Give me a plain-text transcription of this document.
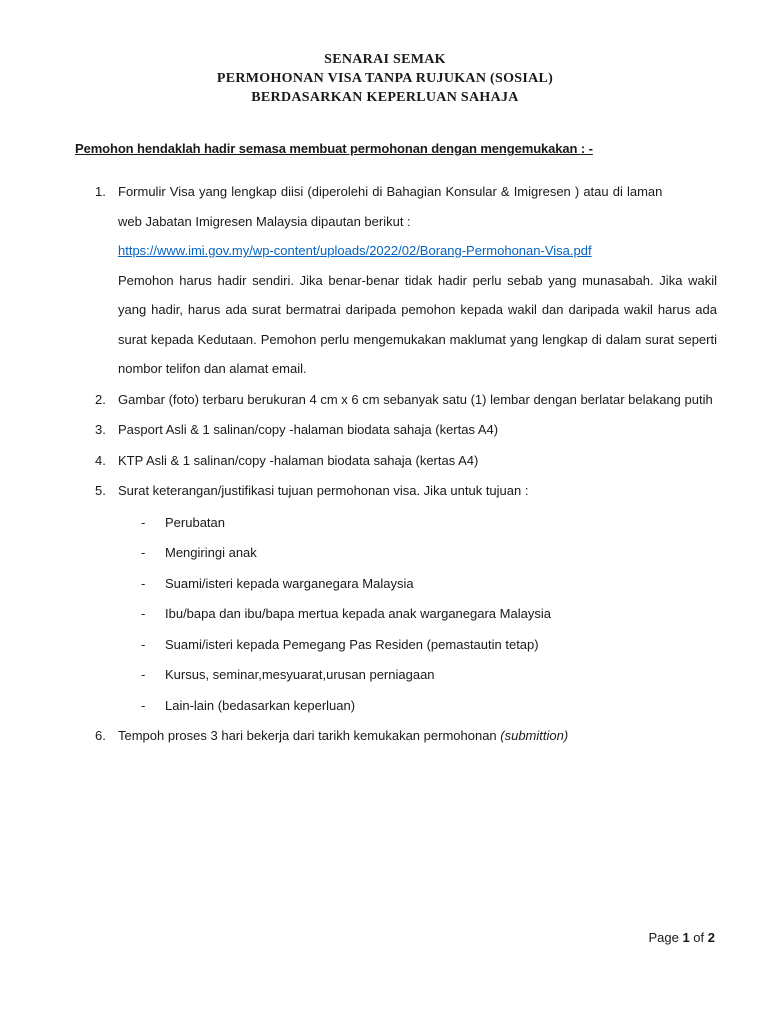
SENARAI SEMAK
PERMOHONAN VISA TANPA RUJUKAN (SOSIAL)
BERDASARKAN KEPERLUAN SAHAJA
Pemohon hendaklah hadir semasa membuat permohonan dengan mengemukakan : -
1. Formulir Visa yang lengkap diisi (diperolehi di Bahagian Konsular & Imigresen ) atau di laman
web Jabatan Imigresen Malaysia dipautan berikut :
https://www.imi.gov.my/wp-content/uploads/2022/02/Borang-Permohonan-Visa.pdf
Pemohon harus hadir sendiri. Jika benar-benar tidak hadir perlu sebab yang munasabah. Jika wakil yang hadir, harus ada surat bermatrai daripada pemohon kepada wakil dan daripada wakil harus ada surat kepada Kedutaan. Pemohon perlu mengemukakan maklumat yang lengkap di dalam surat seperti nombor telifon dan alamat email.
2. Gambar (foto) terbaru berukuran 4 cm x 6 cm sebanyak satu (1) lembar dengan berlatar belakang putih
3. Pasport Asli & 1 salinan/copy -halaman biodata sahaja (kertas A4)
4. KTP Asli & 1 salinan/copy -halaman biodata sahaja (kertas A4)
5. Surat keterangan/justifikasi tujuan permohonan visa. Jika untuk tujuan :
- Perubatan
- Mengiringi anak
- Suami/isteri kepada warganegara Malaysia
- Ibu/bapa dan ibu/bapa mertua kepada anak warganegara Malaysia
- Suami/isteri kepada Pemegang Pas Residen (pemastautin tetap)
- Kursus, seminar,mesyuarat,urusan perniagaan
- Lain-lain (bedasarkan keperluan)
6. Tempoh proses 3 hari bekerja dari tarikh kemukakan permohonan (submittion)
Page 1 of 2
